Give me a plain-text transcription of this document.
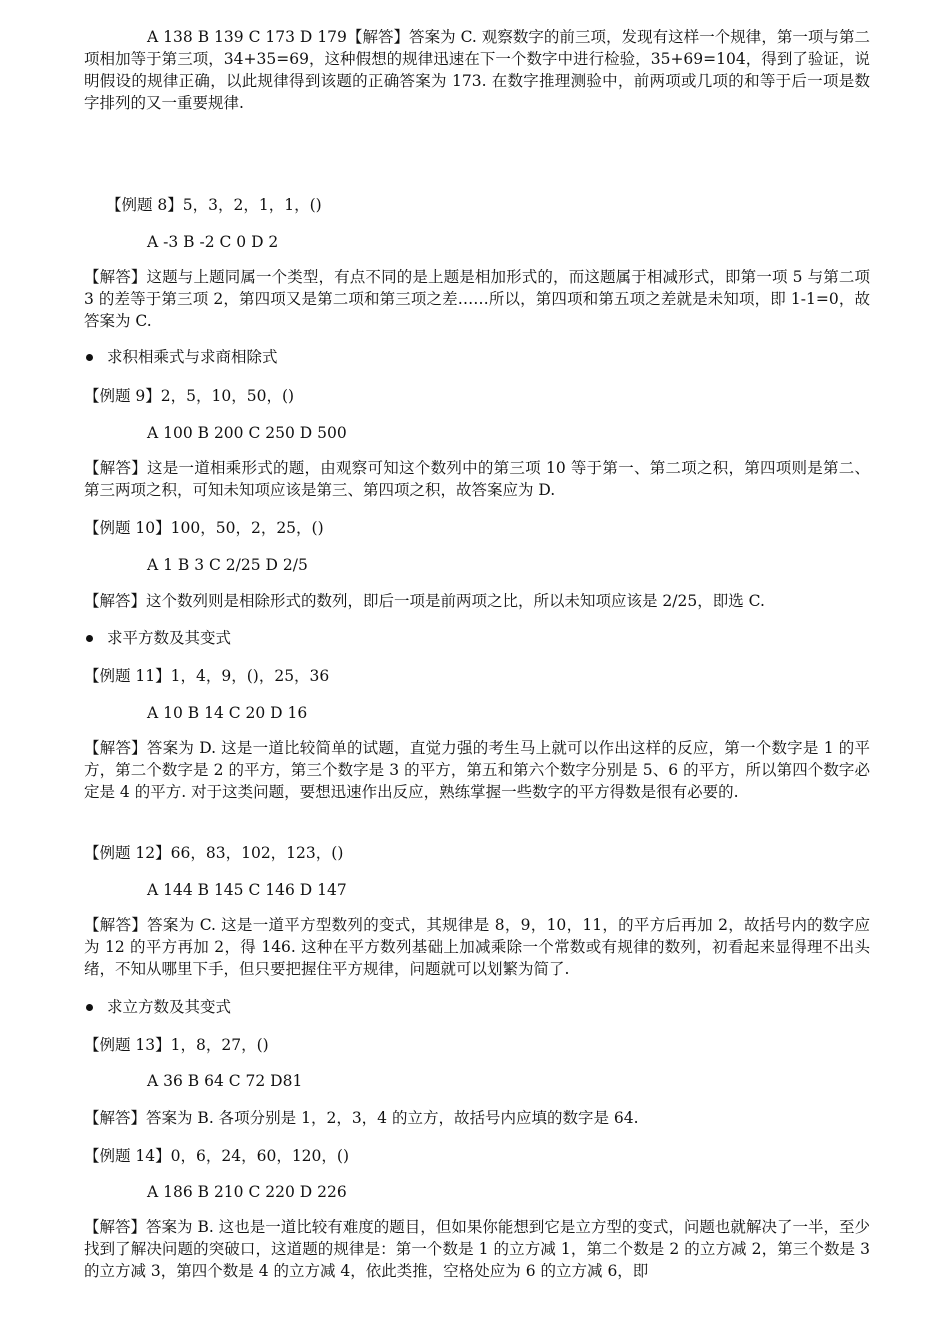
A 138 B 139 C 173 D 179【解答】答案为 C. 观察数字的前三项，发现有这样一个规律，第一项与第二项相加等于第三项，34+35=69，这种假想的规律迅速在下一个数字中进行检验，35+69=104，得到了验证，说明假设的规律正确，以此规律得到该题的正确答案为 173. 在数字推理测验中，前两项或几项的和等于后一项是数字排列的又一重要规律.

【例题 8】5，3，2，1，1，()

A -3 B -2 C 0 D 2

【解答】这题与上题同属一个类型，有点不同的是上题是相加形式的，而这题属于相减形式，即第一项 5 与第二项 3 的差等于第三项 2，第四项又是第二项和第三项之差……所以，第四项和第五项之差就是未知项，即 1-1=0，故答案为 C.

求积相乘式与求商相除式

【例题 9】2，5，10，50，()

A 100 B 200 C 250 D 500

【解答】这是一道相乘形式的题，由观察可知这个数列中的第三项 10 等于第一、第二项之积，第四项则是第二、第三两项之积，可知未知项应该是第三、第四项之积，故答案应为 D.

【例题 10】100，50，2，25，()

A 1 B 3 C 2/25 D 2/5

【解答】这个数列则是相除形式的数列，即后一项是前两项之比，所以未知项应该是 2/25，即选 C.

求平方数及其变式

【例题 11】1，4，9，()，25，36

A 10 B 14 C 20 D 16

【解答】答案为 D. 这是一道比较简单的试题，直觉力强的考生马上就可以作出这样的反应，第一个数字是 1 的平方，第二个数字是 2 的平方，第三个数字是 3 的平方，第五和第六个数字分别是 5、6 的平方，所以第四个数字必定是 4 的平方. 对于这类问题，要想迅速作出反应，熟练掌握一些数字的平方得数是很有必要的.

【例题 12】66，83，102，123，()

A 144 B 145 C 146 D 147

【解答】答案为 C. 这是一道平方型数列的变式，其规律是 8，9，10，11，的平方后再加 2，故括号内的数字应为 12 的平方再加 2，得 146. 这种在平方数列基础上加减乘除一个常数或有规律的数列，初看起来显得理不出头绪，不知从哪里下手，但只要把握住平方规律，问题就可以划繁为简了.

求立方数及其变式

【例题 13】1，8，27，()

A 36 B 64 C 72 D81

【解答】答案为 B. 各项分别是 1，2，3，4 的立方，故括号内应填的数字是 64.

【例题 14】0，6，24，60，120，()

A 186 B 210 C 220 D 226

【解答】答案为 B. 这也是一道比较有难度的题目，但如果你能想到它是立方型的变式，问题也就解决了一半，至少找到了解决问题的突破口，这道题的规律是：第一个数是 1 的立方减 1，第二个数是 2 的立方减 2，第三个数是 3的立方减 3，第四个数是 4 的立方减 4，依此类推，空格处应为 6 的立方减 6，即
